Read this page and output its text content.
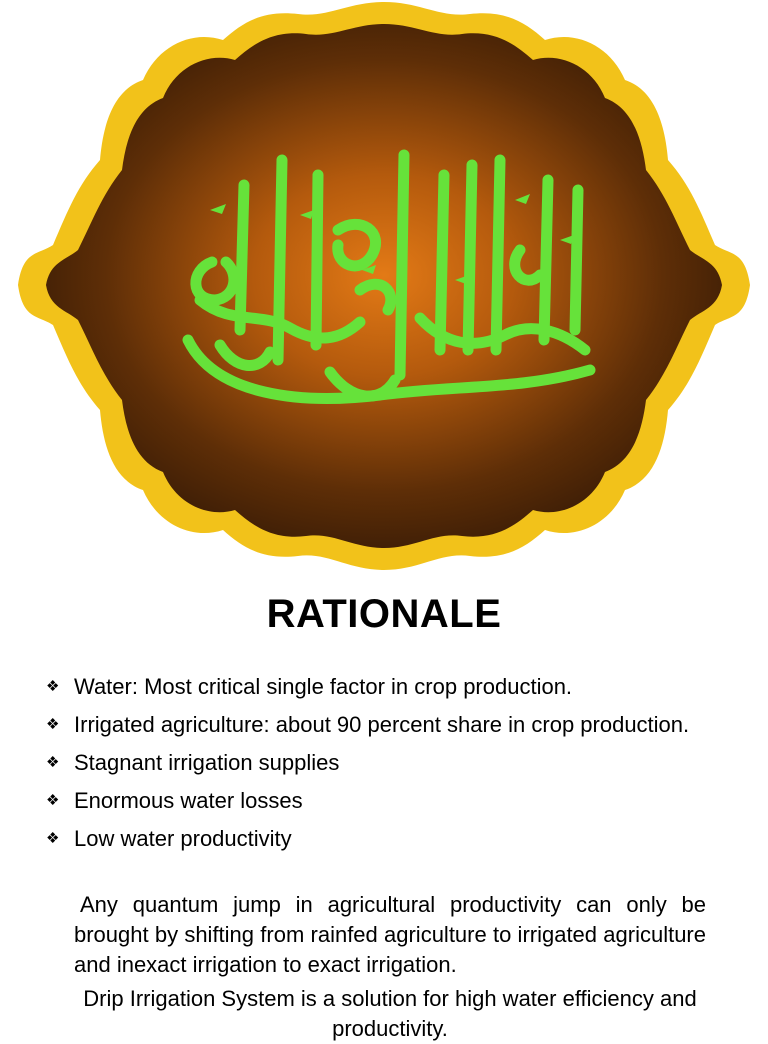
RATIONALE
❖ Water: Most critical single factor in crop production.
❖ Irrigated agriculture: about 90 percent share in crop production.
❖ Stagnant irrigation supplies
❖ Enormous water losses
❖ Low water productivity
Any quantum jump in agricultural productivity can only be brought by shifting from rainfed agriculture to irrigated agriculture and inexact irrigation to exact irrigation.
Drip Irrigation System is a solution for high water efficiency and productivity.
